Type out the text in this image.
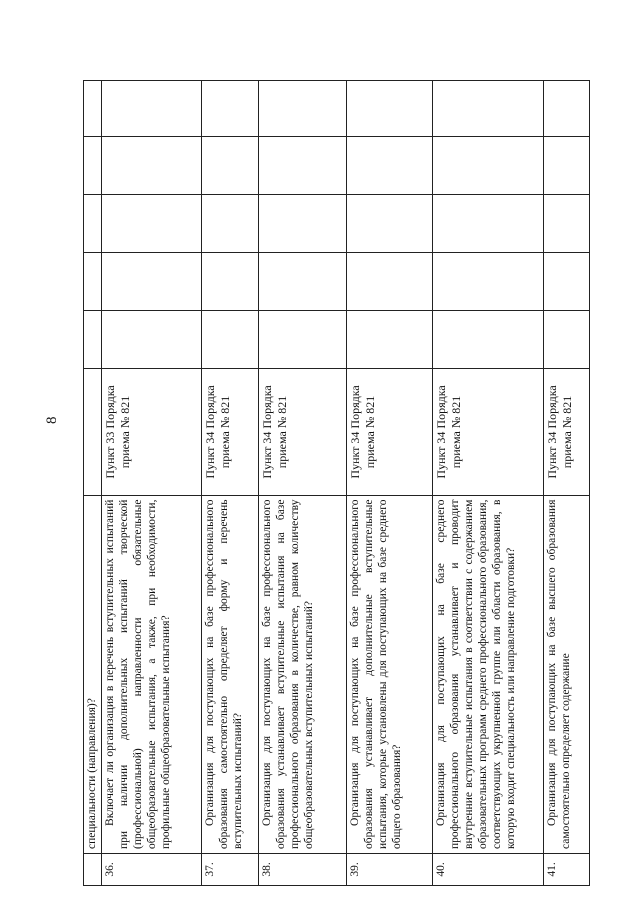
8
	специальности (направления)?						
36.	Включает ли организация в перечень вступительных испытаний при наличии дополнительных испытаний творческой (профессиональной) направленности обязательные общеобразовательные испытания, а также, при необходимости, профильные общеобразовательные испытания?	Пункт 33 Порядка приема № 821					
37.	Организация для поступающих на базе профессионального образования самостоятельно определяет форму и перечень вступительных испытаний?	Пункт 34 Порядка приема № 821					
38.	Организация для поступающих на базе профессионального образования устанавливает вступительные испытания на базе профессионального образования в количестве, равном количеству общеобразовательных вступительных испытаний?	Пункт 34 Порядка приема № 821					
39.	Организация для поступающих на базе профессионального образования устанавливает дополнительные вступительные испытания, которые установлены для поступающих на базе среднего общего образования?	Пункт 34 Порядка приема № 821					
40.	Организация для поступающих на базе среднего профессионального образования устанавливает и проводит внутренние вступительные испытания в соответствии с содержанием образовательных программ среднего профессионального образования, соответствующих укрупненной группе или области образования, в которую входит специальность или направление подготовки?	Пункт 34 Порядка приема № 821					
41.	Организация для поступающих на базе высшего образования самостоятельно определяет содержание	Пункт 34 Порядка приема № 821					
